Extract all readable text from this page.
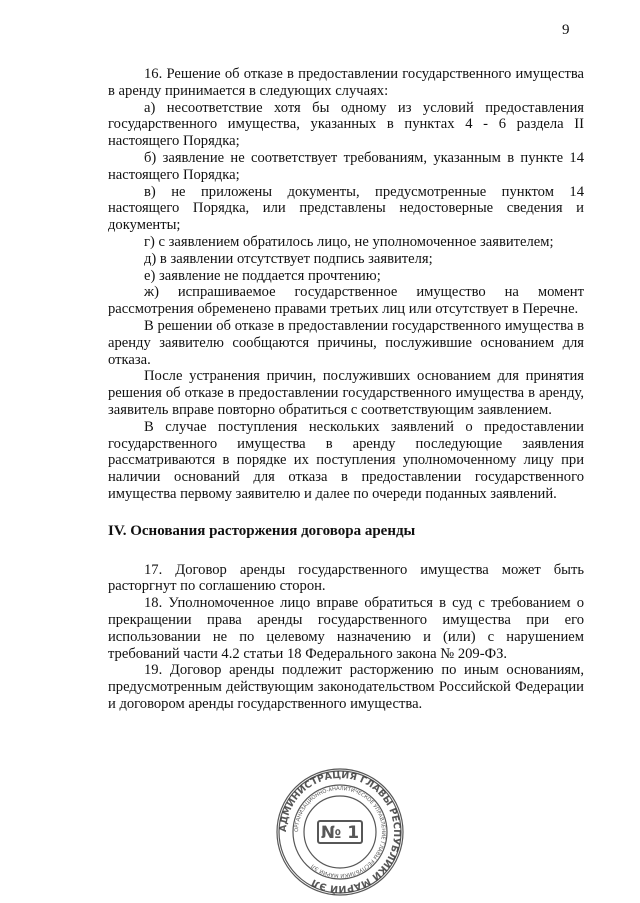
9

16. Решение об отказе в предоставлении государственного имущества в аренду принимается в следующих случаях:

а) несоответствие хотя бы одному из условий предоставления государственного имущества, указанных в пунктах 4 - 6 раздела II настоящего Порядка;

б) заявление не соответствует требованиям, указанным в пункте 14 настоящего Порядка;

в) не приложены документы, предусмотренные пунктом 14 настоящего Порядка, или представлены недостоверные сведения и документы;

г) с заявлением обратилось лицо, не уполномоченное заявителем;

д) в заявлении отсутствует подпись заявителя;

е) заявление не поддается прочтению;

ж) испрашиваемое государственное имущество на момент рассмотрения обременено правами третьих лиц или отсутствует в Перечне.

В решении об отказе в предоставлении государственного имущества в аренду заявителю сообщаются причины, послужившие основанием для отказа.

После устранения причин, послуживших основанием для принятия решения об отказе в предоставлении государственного имущества в аренду, заявитель вправе повторно обратиться с соответствующим заявлением.

В случае поступления нескольких заявлений о предоставлении государственного имущества в аренду последующие заявления рассматриваются в порядке их поступления уполномоченному лицу при наличии оснований для отказа в предоставлении государственного имущества первому заявителю и далее по очереди поданных заявлений.

IV. Основания расторжения договора аренды

17. Договор аренды государственного имущества может быть расторгнут по соглашению сторон.

18. Уполномоченное лицо вправе обратиться в суд с требованием о прекращении права аренды государственного имущества при его использовании не по целевому назначению и (или) с нарушением требований части 4.2 статьи 18 Федерального закона № 209-ФЗ.

19. Договор аренды подлежит расторжению по иным основаниям, предусмотренным действующим законодательством Российской Федерации и договором аренды государственного имущества.

АДМИНИСТРАЦИЯ ГЛАВЫ РЕСПУБЛИКИ МАРИЙ ЭЛ
ОРГАНИЗАЦИОННО-АНАЛИТИЧЕСКОЕ УПРАВЛЕНИЕ ГЛАВЫ РЕСПУБЛИКИ МАРИЙ ЭЛ
№ 1
